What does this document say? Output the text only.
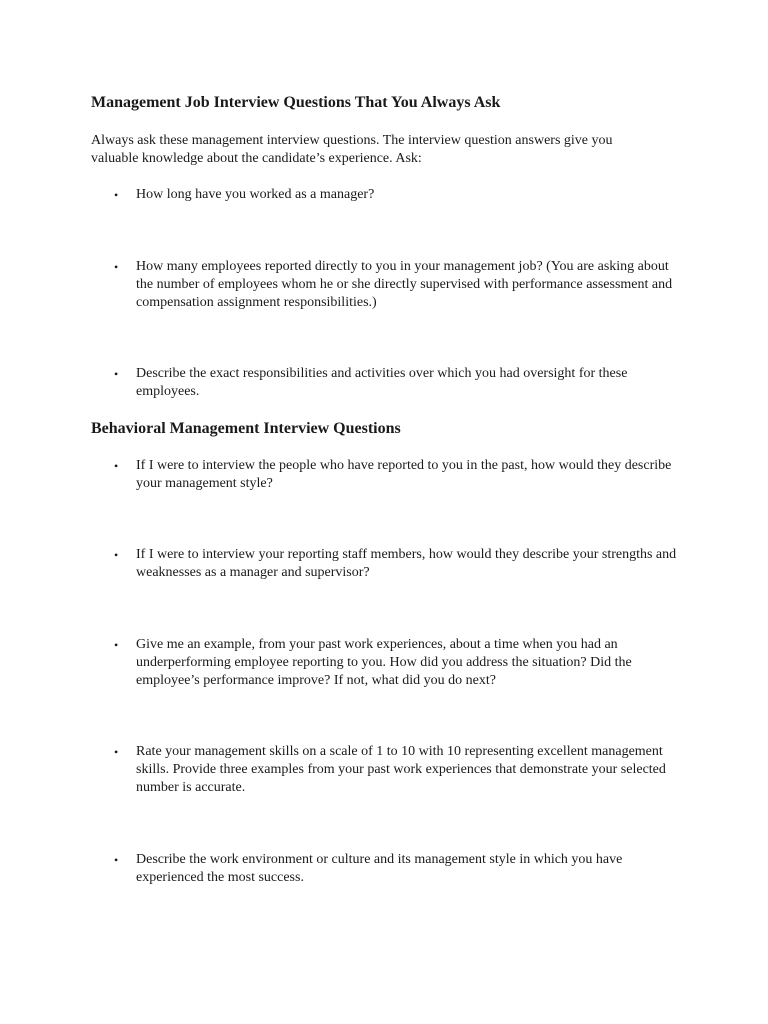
Management Job Interview Questions That You Always Ask
Always ask these management interview questions. The interview question answers give you valuable knowledge about the candidate’s experience. Ask:
• How long have you worked as a manager?
• How many employees reported directly to you in your management job? (You are asking about the number of employees whom he or she directly supervised with performance assessment and compensation assignment responsibilities.)
• Describe the exact responsibilities and activities over which you had oversight for these employees.
Behavioral Management Interview Questions
• If I were to interview the people who have reported to you in the past, how would they describe your management style?
• If I were to interview your reporting staff members, how would they describe your strengths and weaknesses as a manager and supervisor?
• Give me an example, from your past work experiences, about a time when you had an underperforming employee reporting to you. How did you address the situation? Did the employee’s performance improve? If not, what did you do next?
• Rate your management skills on a scale of 1 to 10 with 10 representing excellent management skills. Provide three examples from your past work experiences that demonstrate your selected number is accurate.
• Describe the work environment or culture and its management style in which you have experienced the most success.
